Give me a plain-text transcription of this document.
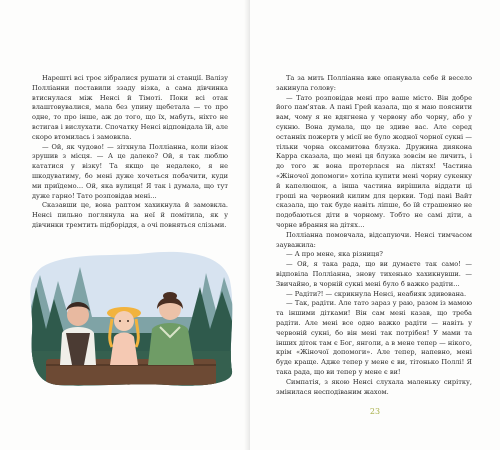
Нарешті всі троє зібралися рушати зі станції. Валізу Полліанни поставили ззаду візка, а сама дівчинка втиснулася між Ненсі й Тімоті. Поки всі отак влаштовувалися, мала без упину щебетала — то про одне, то про інше, аж до того, що їх, мабуть, ніхто не встигав і вислухати. Спочатку Ненсі відповідала їй, але скоро втомилась і замовкла.

— Ой, як чудово! — зітхнула Полліанна, коли візок зрушив з місця. — А це далеко? Ой, я так люблю кататися у візку! Та якщо це недалеко, я не шкодуватиму, бо мені дуже хочеться побачити, куди ми приїдемо… Ой, яка вулиця! Я так і думала, що тут дуже гарно! Тато розповідав мені…

Сказавши це, вона раптом хахикнула й замовкла. Ненсі пильно поглянула на неї й помітила, як у дівчинки тремтить підборіддя, а очі повняться слізьми.

23

Та за мить Полліанна вже опанувала себе й весело закинула голову:

— Тато розповідав мені про ваше місто. Він добре його пам'ятав. А пані Грей казала, що я маю пояснити вам, чому я не вдягнена у червону або чорну, або у сукню. Вона думала, що це здиве вас. Але серед останніх пожертв у місії не було жодної чорної сукні — тільки чорна оксамитова блузка. Дружина диякона Карра сказала, що мені ця блузка зовсім не личить, і до того ж вона протерлася на ліктях! Частина «Жіночої допомоги» хотіла купити мені чорну сукенку й капелюшок, а інша частина вирішила віддати ці гроші на червоний килим для церкви. Тоді пані Вайт сказала, що так буде навіть ліпше, бо їй страшенно не подобаються діти в чорному. Тобто не самі діти, а чорне вбрання на дітях…

Полліанна помовчала, відсапуючи. Ненсі тимчасом зауважила:

— А про мене, яка різниця?

— Ой, я така рада, що ви думаєте так само! — відповіла Полліанна, знову тихенько хахикнувши. — Звичайно, в чорній сукні мені було б важко радіти…

— Радіти?! — скрикнула Ненсі, неабияк здивована.

— Так, радіти. Але тато зараз у раю, разом із мамою та іншими дітками! Він сам мені казав, що треба радіти. Але мені все одно важко радіти — навіть у червоній сукні, бо він мені так потрібен! У мами та інших діток там є Бог, янголи, а в мене тепер — нікого, крім «Жіночої допомоги». Але тепер, напевно, мені буде краще. Адже тепер у мене є ви, тітонько Поллі! Я така рада, що ви тепер у мене є ви!

Симпатія, з якою Ненсі слухала маленьку сирітку, змінилася несподіваним жахом.
